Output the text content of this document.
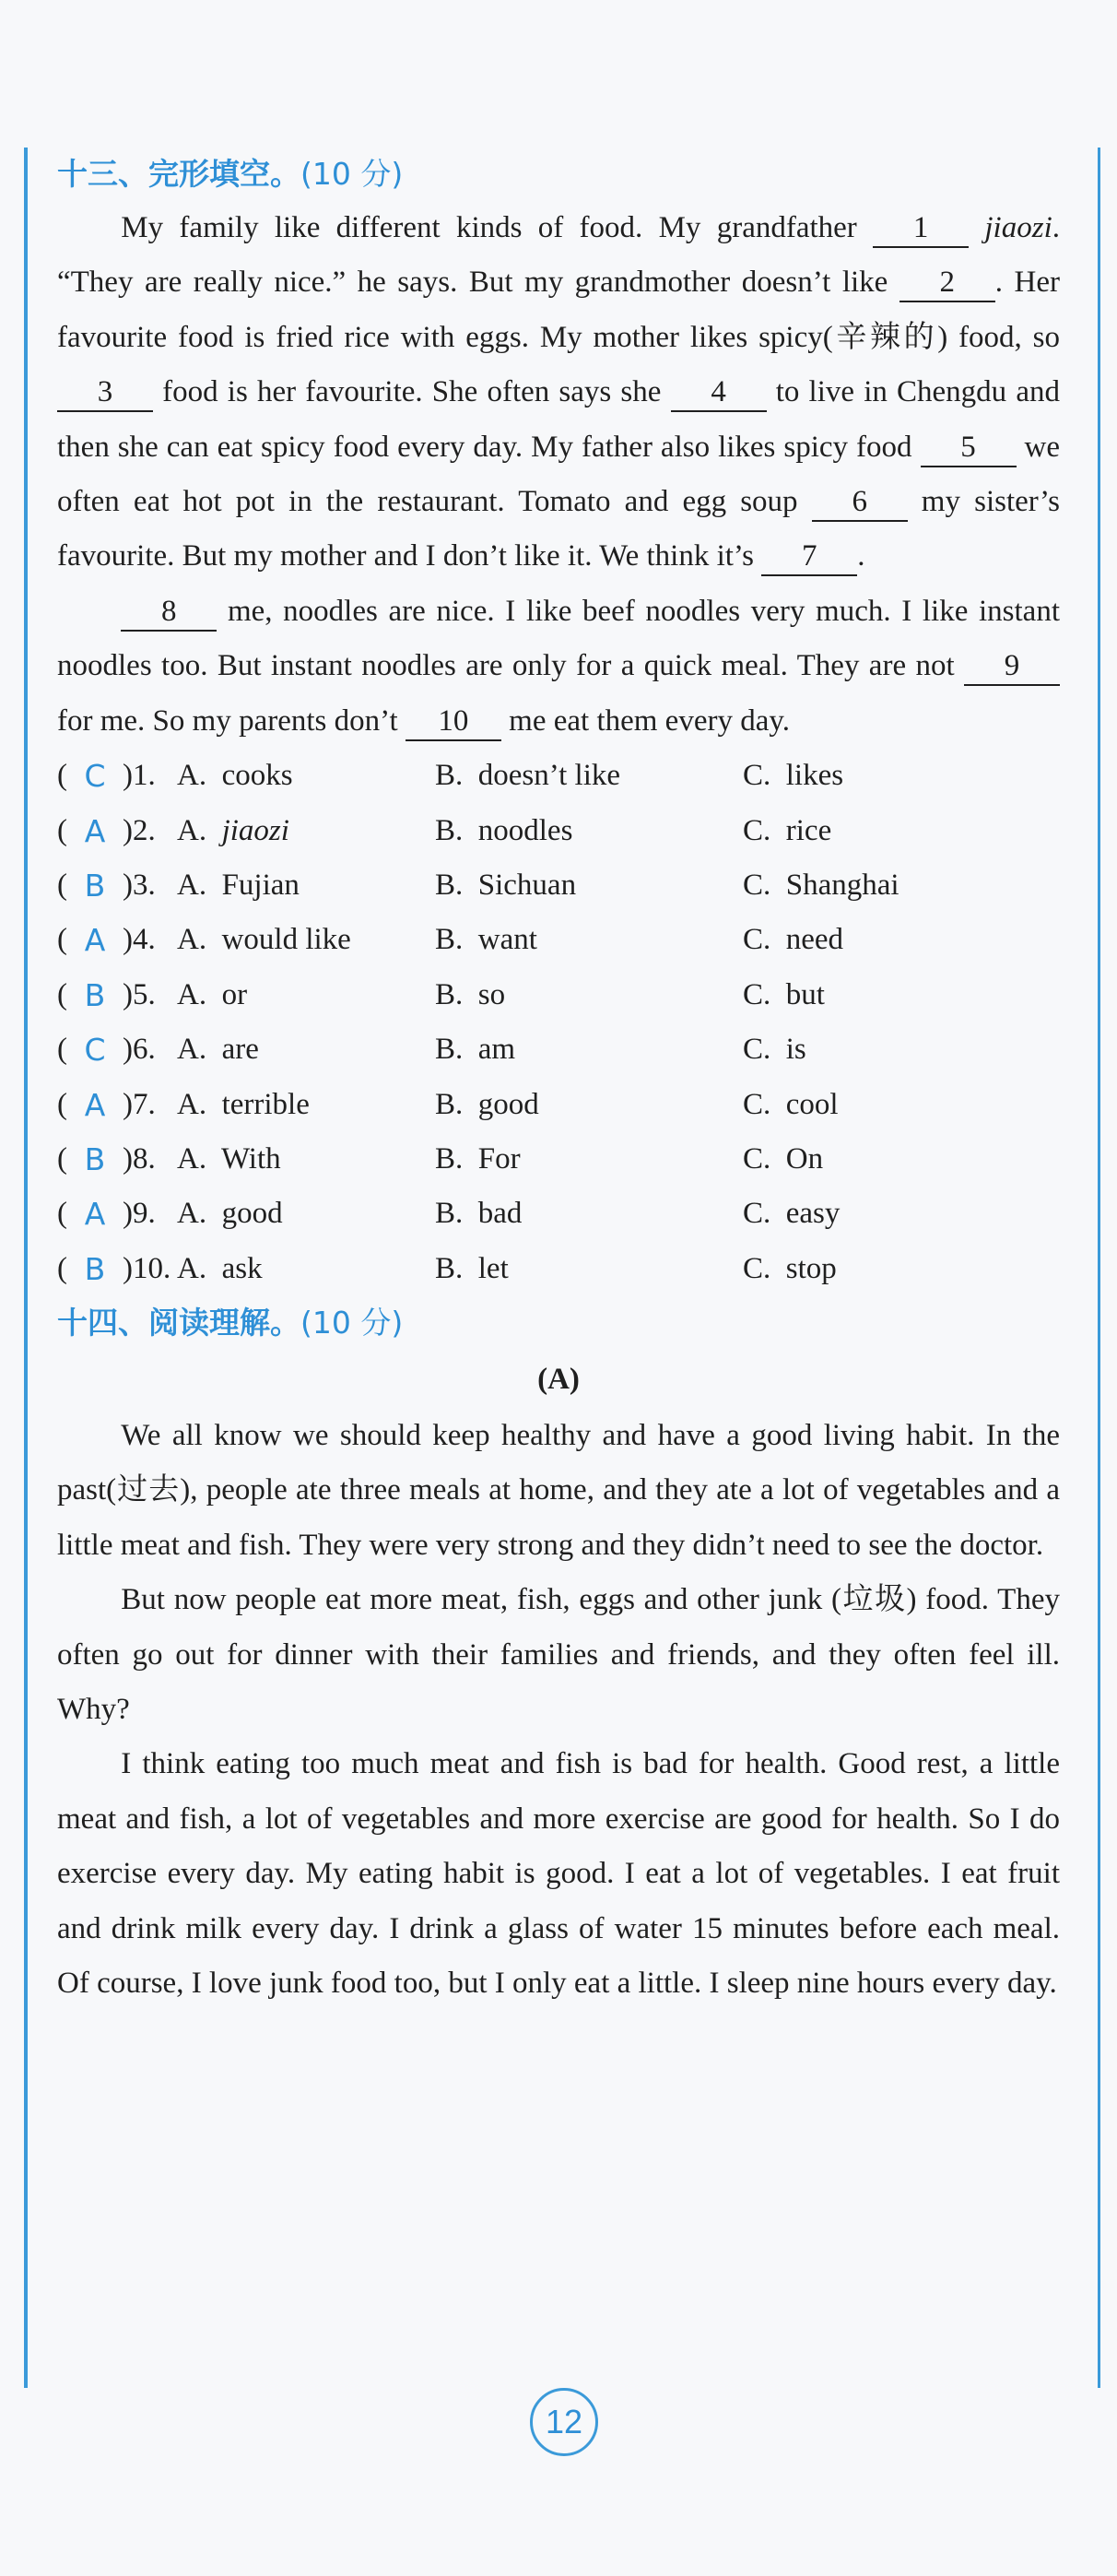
十三、完形填空。(10 分)

My family like different kinds of food. My grandfather 1 jiaozi. “They are really nice.” he says. But my grandmother doesn’t like 2 . Her favourite food is fried rice with eggs. My mother likes spicy(辛辣的) food, so 3 food is her favourite. She often says she 4 to live in Chengdu and then she can eat spicy food every day. My father also likes spicy food 5 we often eat hot pot in the restaurant. Tomato and egg soup 6 my sister’s favourite. But my mother and I don’t like it. We think it’s 7 .

8 me, noodles are nice. I like beef noodles very much. I like instant noodles too. But instant noodles are only for a quick meal. They are not 9 for me. So my parents don’t 10 me eat them every day.

( C )1. A.  cooks	B.  doesn’t like	C.  likes
( A )2. A.  jiaozi	B.  noodles	C.  rice
( B )3. A.  Fujian	B.  Sichuan	C.  Shanghai
( A )4. A.  would like	B.  want	C.  need
( B )5. A.  or	B.  so	C.  but
( C )6. A.  are	B.  am	C.  is
( A )7. A.  terrible	B.  good	C.  cool
( B )8. A.  With	B.  For	C.  On
( A )9. A.  good	B.  bad	C.  easy
( B )10. A.  ask	B.  let	C.  stop
十四、阅读理解。(10 分)
(A)

We all know we should keep healthy and have a good living habit. In the past(过去), people ate three meals at home, and they ate a lot of vegetables and a little meat and fish. They were very strong and they didn’t need to see the doctor.

But now people eat more meat, fish, eggs and other junk (垃圾) food. They often go out for dinner with their families and friends, and they often feel ill. Why?

I think eating too much meat and fish is bad for health. Good rest, a little meat and fish, a lot of vegetables and more exercise are good for health. So I do exercise every day. My eating habit is good. I eat a lot of vegetables. I eat fruit and drink milk every day. I drink a glass of water 15 minutes before each meal. Of course, I love junk food too, but I only eat a little. I sleep nine hours every day.

12
